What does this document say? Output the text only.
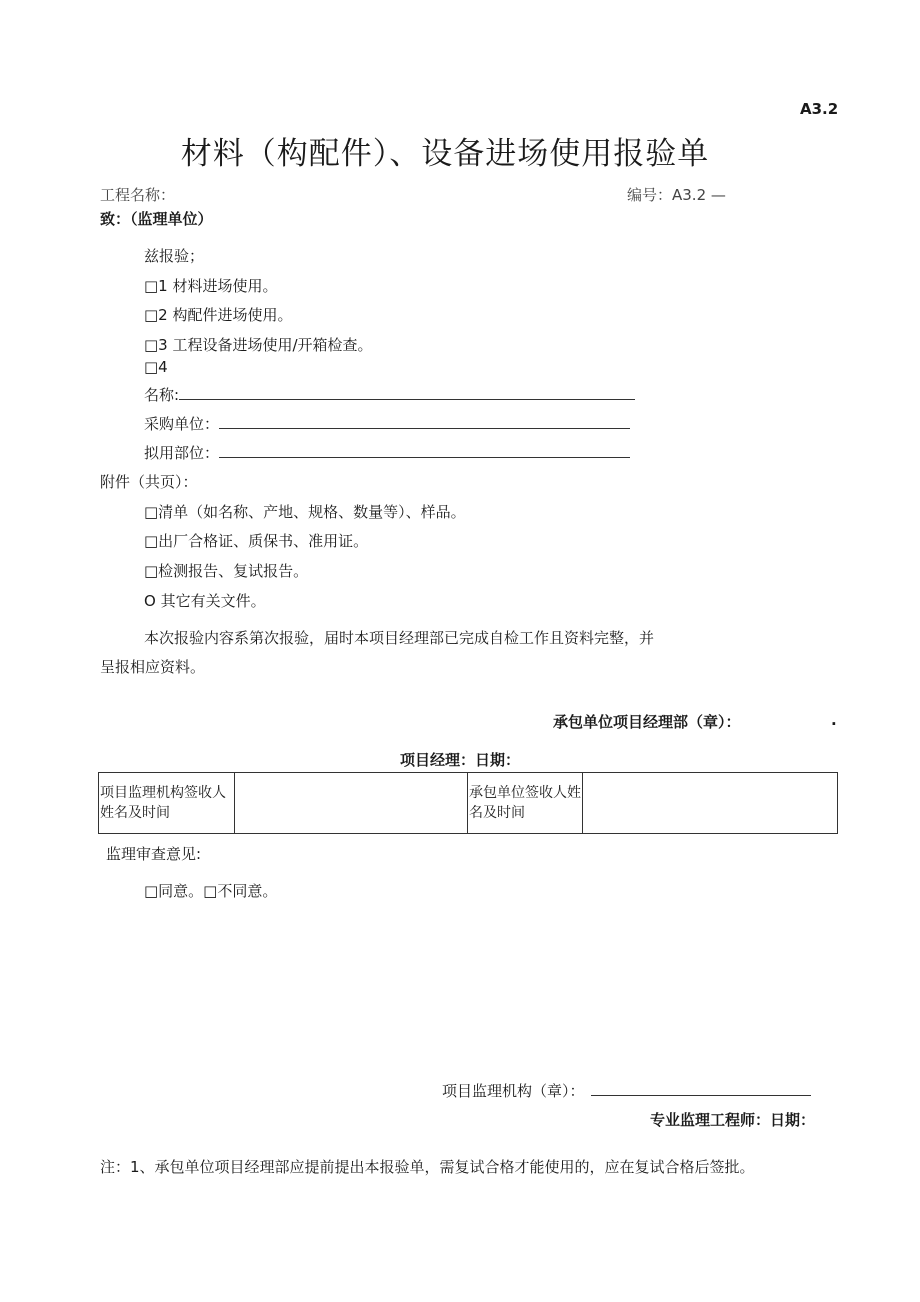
A3.2
材料（构配件）、设备进场使用报验单
工程名称：	编号：A3.2 —
致：（监理单位）
兹报验；
□1 材料进场使用。
□2 构配件进场使用。
□3 工程设备进场使用/开箱检查。
□4
名称:
采购单位：
拟用部位：
附件（共页）：
□清单（如名称、产地、规格、数量等）、样品。
□出厂合格证、质保书、准用证。
□检测报告、复试报告。
O 其它有关文件。
本次报验内容系第次报验，届时本项目经理部已完成自检工作且资料完整，并
呈报相应资料。
承包单位项目经理部（章）：	.
项目经理：日期：
项目监理机构签收人姓名及时间		承包单位签收人姓名及时间	
监理审查意见:
□同意。□不同意。
项目监理机构（章）：
专业监理工程师：日期：
注：1、承包单位项目经理部应提前提出本报验单，需复试合格才能使用的，应在复试合格后签批。
